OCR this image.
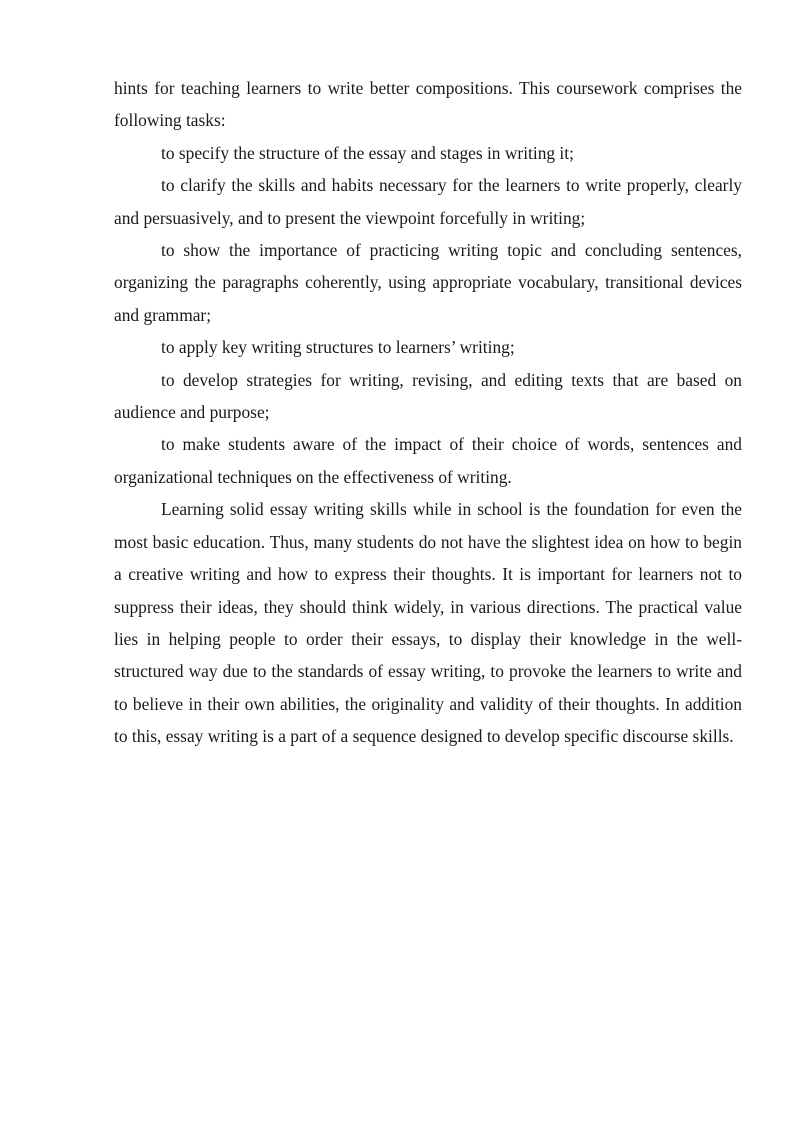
hints for teaching learners to write better compositions. This coursework comprises the following tasks:

to specify the structure of the essay and stages in writing it;

to clarify the skills and habits necessary for the learners to write properly, clearly and persuasively, and to present the viewpoint forcefully in writing;

to show the importance of practicing writing topic and concluding sentences, organizing the paragraphs coherently, using appropriate vocabulary, transitional devices and grammar;

to apply key writing structures to learners’ writing;

to develop strategies for writing, revising, and editing texts that are based on audience and purpose;

to make students aware of the impact of their choice of words, sentences and organizational techniques on the effectiveness of writing.

Learning solid essay writing skills while in school is the foundation for even the most basic education. Thus, many students do not have the slightest idea on how to begin a creative writing and how to express their thoughts. It is important for learners not to suppress their ideas, they should think widely, in various directions. The practical value lies in helping people to order their essays, to display their knowledge in the well-structured way due to the standards of essay writing, to provoke the learners to write and to believe in their own abilities, the originality and validity of their thoughts. In addition to this, essay writing is a part of a sequence designed to develop specific discourse skills.
